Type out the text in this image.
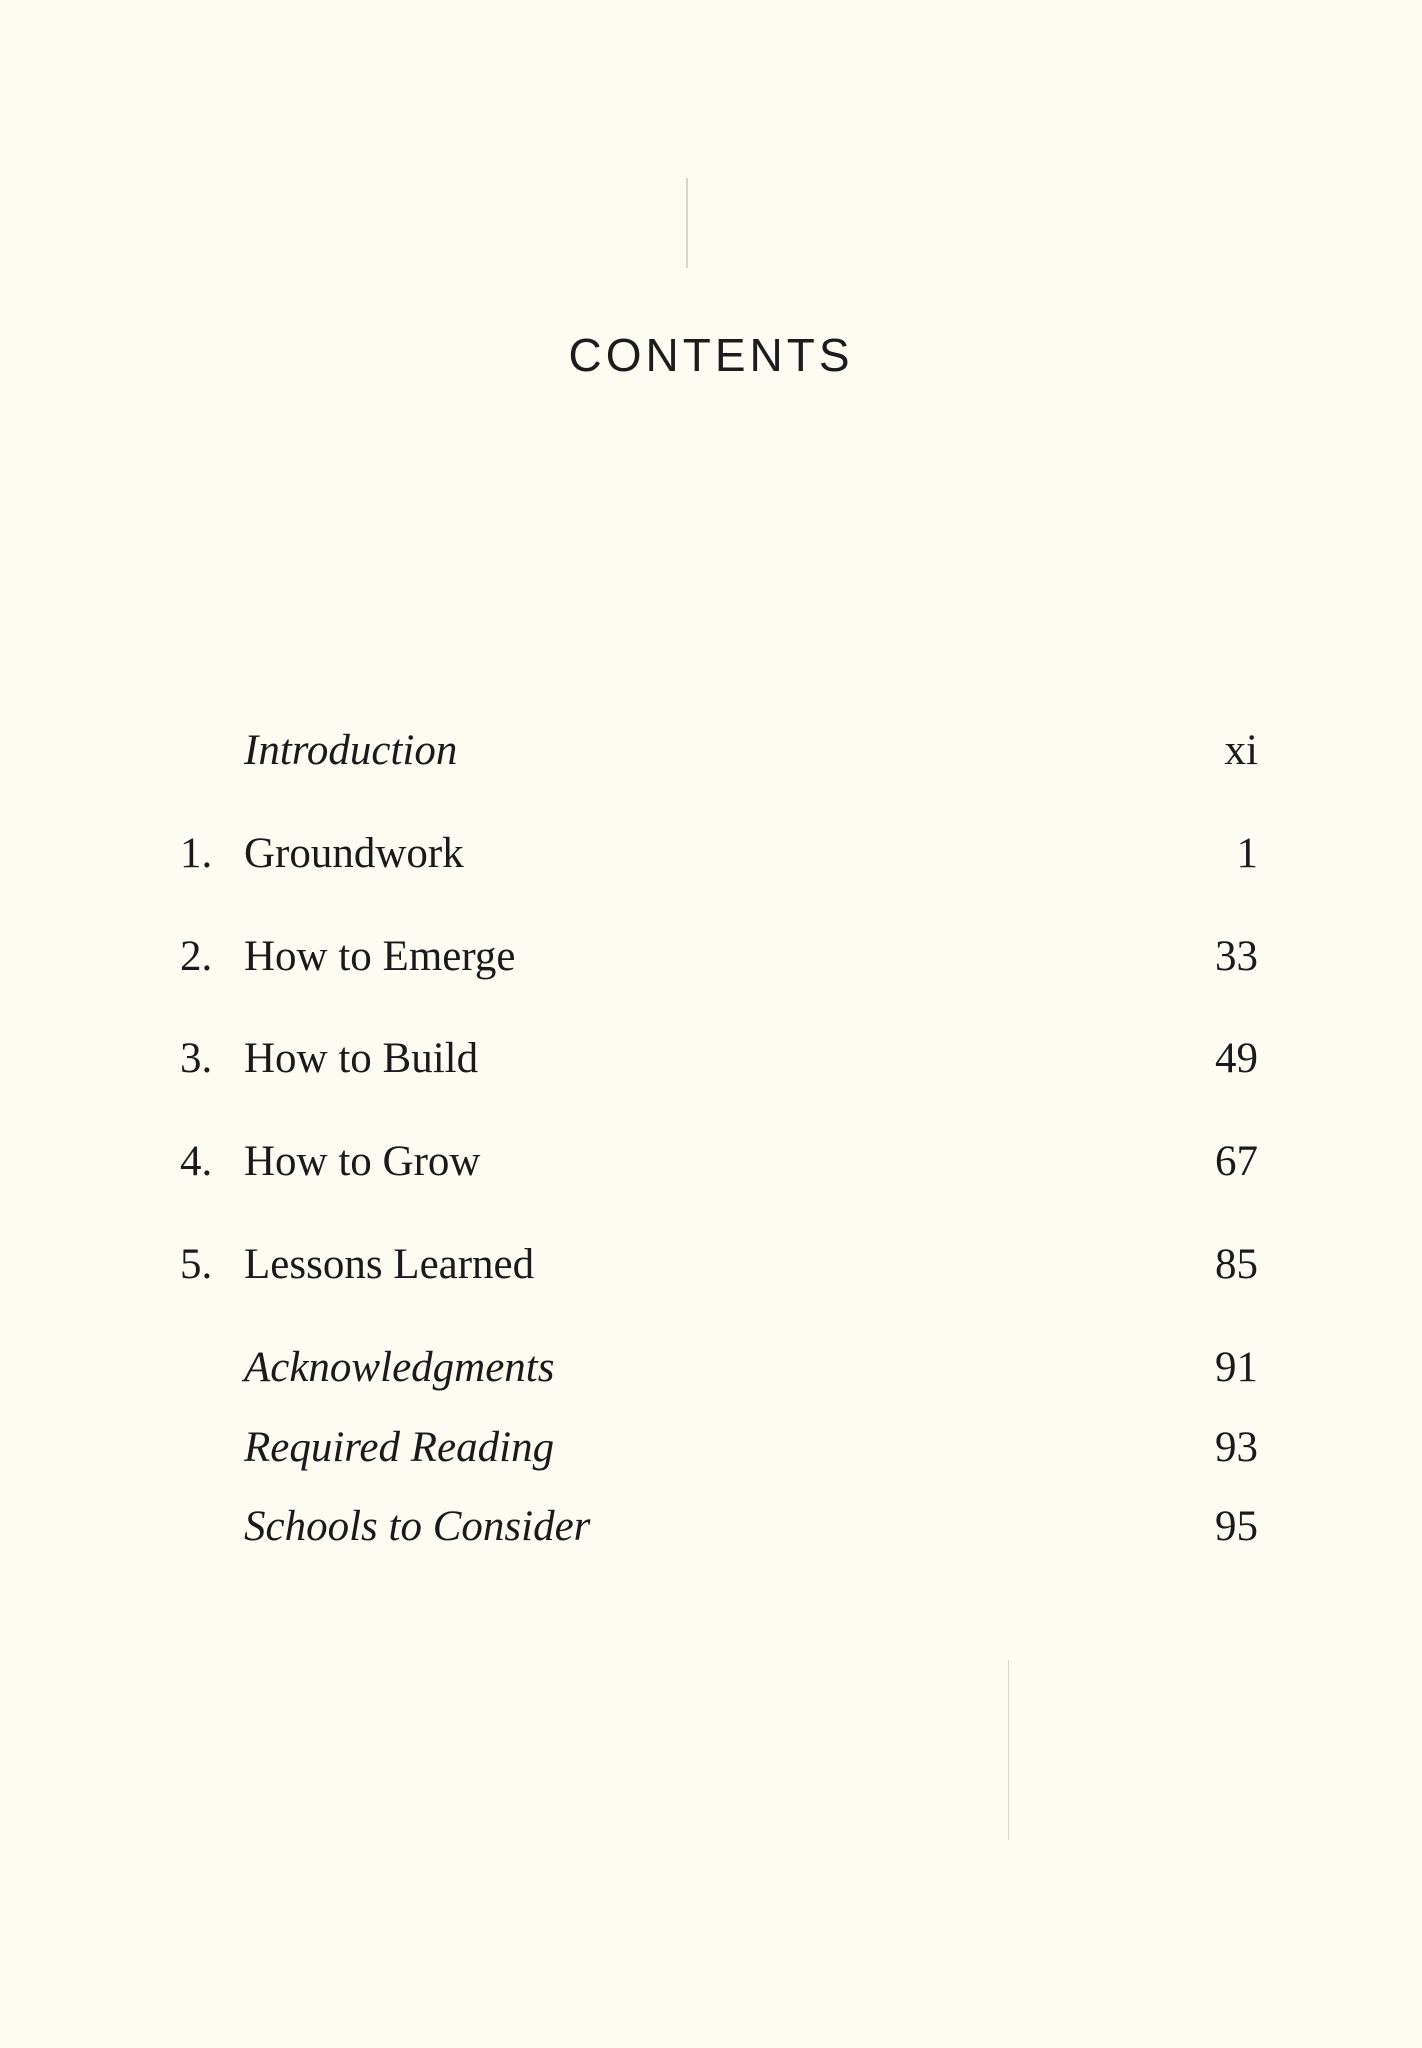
CONTENTS
Introduction	xi
1. Groundwork	1
2. How to Emerge	33
3. How to Build	49
4. How to Grow	67
5. Lessons Learned	85
Acknowledgments	91
Required Reading	93
Schools to Consider	95
